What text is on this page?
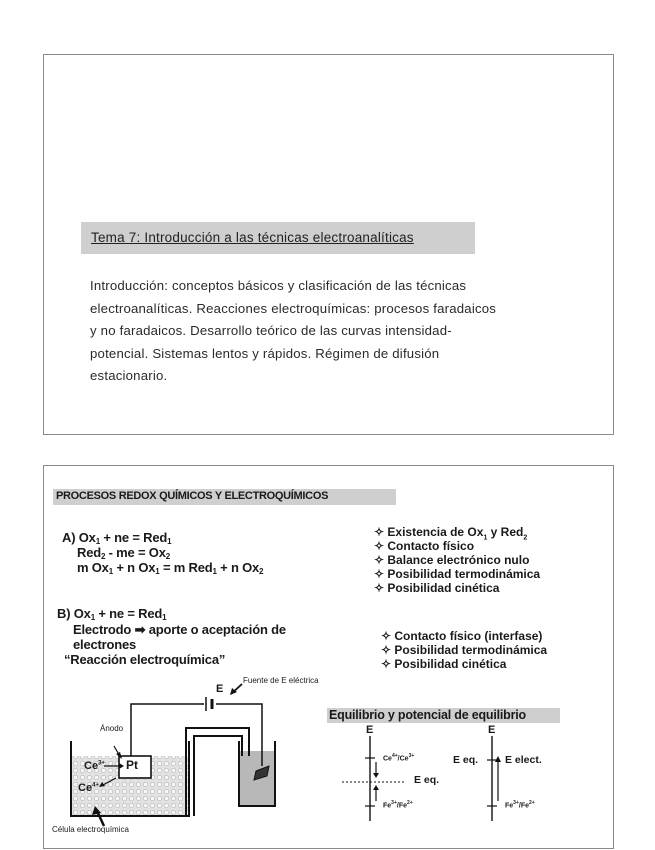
Tema 7: Introducción a las técnicas electroanalíticas
Introducción: conceptos básicos y clasificación de las técnicas
electroanalíticas. Reacciones electroquímicas: procesos faradaicos
y no faradaicos. Desarrollo teórico de las curvas intensidad-
potencial. Sistemas lentos y rápidos. Régimen de difusión
estacionario.
PROCESOS REDOX QUÍMICOS Y ELECTROQUÍMICOS
A) $Ox_1$ + ne = Red$_1$
Red$_2$ - me = $Ox_2$
m $Ox_1 + n$ $Ox_1 = m$ Red$_1$ + n $Ox_2$
✧ Existencia de $Ox_1$ y Red$_2$
✧ Contacto físico
✧ Balance electrónico nulo
✧ Posibilidad termodinámica
✧ Posibilidad cinética
B) $Ox_1$ + ne = Red$_1$
Electrodo ➡ aporte o aceptación de
electrones
“Reacción electroquímica”
✧ Contacto físico (interfase)
✧ Posibilidad termodinámica
✧ Posibilidad cinética
E
Fuente de E eléctrica
Ánodo
Pt
$Ce^{3+}$
$Ce^{4+}$
Célula electroquímica
Equilibrio y potencial de equilibrio
E	E
$Ce^{4+}/Ce^{3+}$
$Fe^{3+}/Fe^{2+}$	$Fe^{3+}/Fe^{2+}$
E eq.
E eq.	E elect.
